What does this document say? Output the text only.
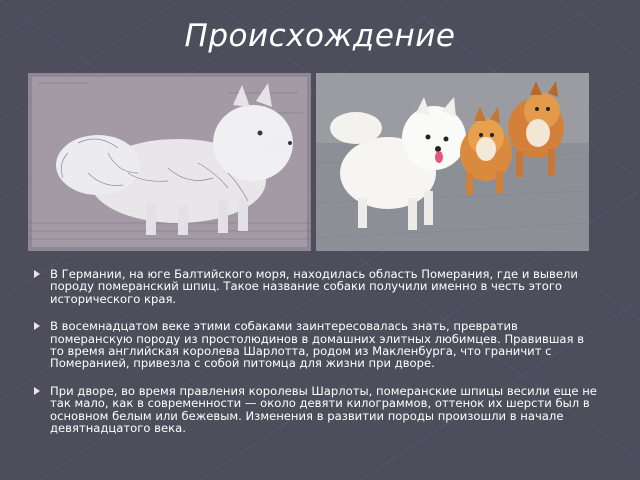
Происхождение
В Германии, на юге Балтийского моря, находилась область Померания, где и вывели породу померанский шпиц. Такое название собаки получили именно в честь этого исторического края.
В восемнадцатом веке этими собаками заинтересовалась знать, превратив померанскую породу из простолюдинов в домашних элитных любимцев. Правившая в то время английская королева Шарлотта, родом из Макленбурга, что граничит с Померанией, привезла с собой питомца для жизни при дворе.
При дворе, во время правления королевы Шарлоты, померанские шпицы весили еще не так мало, как в современности — около девяти килограммов, оттенок их шерсти был в основном белым или бежевым. Изменения в развитии породы произошли в начале девятнадцатого века.
